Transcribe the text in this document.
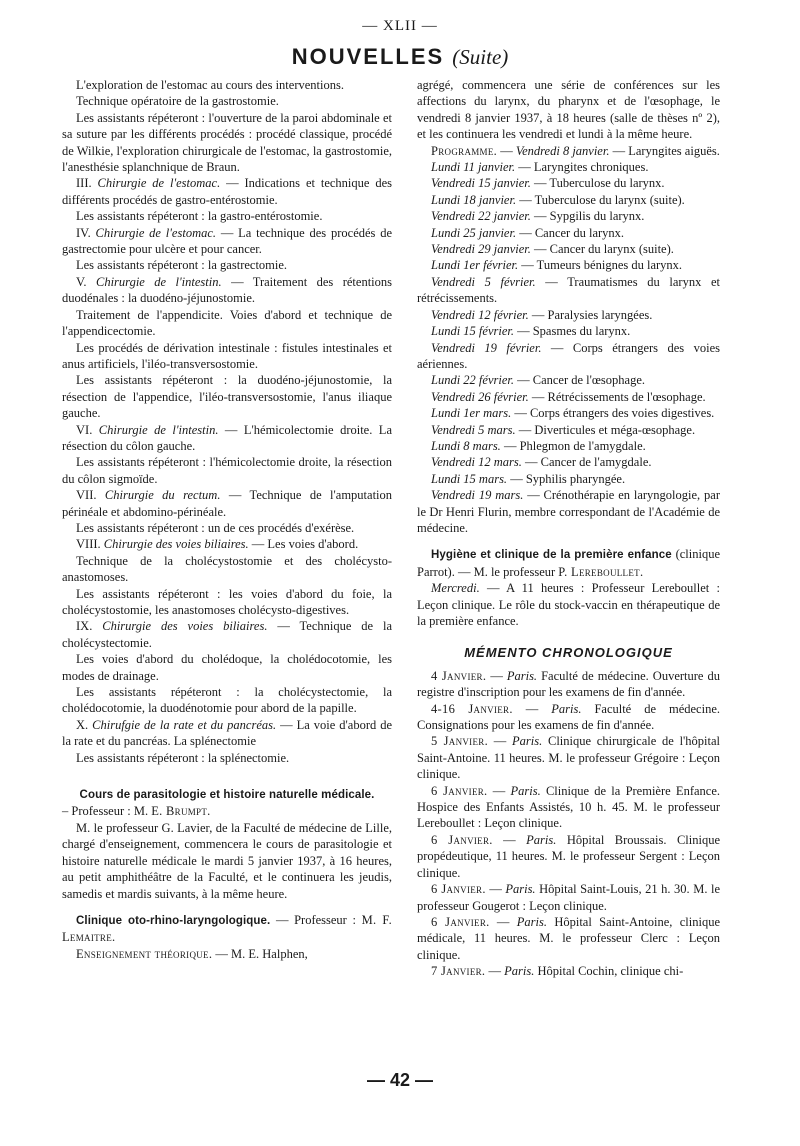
— XLII —
NOUVELLES (Suite)

L'exploration de l'estomac au cours des interventions.

Technique opératoire de la gastrostomie.

Les assistants répéteront : l'ouverture de la paroi abdominale et sa suture par les différents procédés : procédé classique, procédé de Wilkie, l'exploration chirurgicale de l'estomac, la gastrostomie, l'anesthésie splanchnique de Braun.

III. Chirurgie de l'estomac. — Indications et technique des différents procédés de gastro-entérostomie.

Les assistants répéteront : la gastro-entérostomie.

IV. Chirurgie de l'estomac. — La technique des procédés de gastrectomie pour ulcère et pour cancer.

Les assistants répéteront : la gastrectomie.

V. Chirurgie de l'intestin. — Traitement des rétentions duodénales : la duodéno-jéjunostomie.

Traitement de l'appendicite. Voies d'abord et technique de l'appendicectomie.

Les procédés de dérivation intestinale : fistules intestinales et anus artificiels, l'iléo-transversostomie.

Les assistants répéteront : la duodéno-jéjunostomie, la résection de l'appendice, l'iléo-transversostomie, l'anus iliaque gauche.

VI. Chirurgie de l'intestin. — L'hémicolectomie droite. La résection du côlon gauche.

Les assistants répéteront : l'hémicolectomie droite, la résection du côlon sigmoïde.

VII. Chirurgie du rectum. — Technique de l'amputation périnéale et abdomino-périnéale.

Les assistants répéteront : un de ces procédés d'exérèse.

VIII. Chirurgie des voies biliaires. — Les voies d'abord.

Technique de la cholécystostomie et des cholécysto-anastomoses.

Les assistants répéteront : les voies d'abord du foie, la cholécystostomie, les anastomoses cholécysto-digestives.

IX. Chirurgie des voies biliaires. — Technique de la cholécystectomie.

Les voies d'abord du cholédoque, la cholédocotomie, les modes de drainage.

Les assistants répéteront : la cholécystectomie, la cholédocotomie, la duodénotomie pour abord de la papille.

X. Chirufgie de la rate et du pancréas. — La voie d'abord de la rate et du pancréas. La splénectomie

Les assistants répéteront : la splénectomie.

Cours de parasitologie et histoire naturelle médicale.

– Professeur : M. E. Brumpt.

M. le professeur G. Lavier, de la Faculté de médecine de Lille, chargé d'enseignement, commencera le cours de parasitologie et histoire naturelle médicale le mardi 5 janvier 1937, à 16 heures, au petit amphithéâtre de la Faculté, et le continuera les jeudis, samedis et mardis suivants, à la même heure.

Clinique oto-rhino-laryngologique. — Professeur : M. F. Lemaitre.

Enseignement théorique. — M. E. Halphen,

agrégé, commencera une série de conférences sur les affections du larynx, du pharynx et de l'œsophage, le vendredi 8 janvier 1937, à 18 heures (salle de thèses nº 2), et les continuera les vendredi et lundi à la même heure.

Programme. — Vendredi 8 janvier. — Laryngites aiguës.

Lundi 11 janvier. — Laryngites chroniques.

Vendredi 15 janvier. — Tuberculose du larynx.

Lundi 18 janvier. — Tuberculose du larynx (suite).

Vendredi 22 janvier. — Sypgilis du larynx.

Lundi 25 janvier. — Cancer du larynx.

Vendredi 29 janvier. — Cancer du larynx (suite).

Lundi 1er février. — Tumeurs bénignes du larynx.

Vendredi 5 février. — Traumatismes du larynx et rétrécissements.

Vendredi 12 février. — Paralysies laryngées.

Lundi 15 février. — Spasmes du larynx.

Vendredi 19 février. — Corps étrangers des voies aériennes.

Lundi 22 février. — Cancer de l'œsophage.

Vendredi 26 février. — Rétrécissements de l'œsophage.

Lundi 1er mars. — Corps étrangers des voies digestives.

Vendredi 5 mars. — Diverticules et méga-œsophage.

Lundi 8 mars. — Phlegmon de l'amygdale.

Vendredi 12 mars. — Cancer de l'amygdale.

Lundi 15 mars. — Syphilis pharyngée.

Vendredi 19 mars. — Crénothérapie en laryngologie, par le Dr Henri Flurin, membre correspondant de l'Académie de médecine.

Hygiène et clinique de la première enfance (clinique Parrot). — M. le professeur P. Lereboullet.

Mercredi. — A 11 heures : Professeur Lereboullet : Leçon clinique. Le rôle du stock-vaccin en thérapeutique de la première enfance.

MÉMENTO CHRONOLOGIQUE

4 Janvier. — Paris. Faculté de médecine. Ouverture du registre d'inscription pour les examens de fin d'année.

4-16 Janvier. — Paris. Faculté de médecine. Consignations pour les examens de fin d'année.

5 Janvier. — Paris. Clinique chirurgicale de l'hôpital Saint-Antoine. 11 heures. M. le professeur Grégoire : Leçon clinique.

6 Janvier. — Paris. Clinique de la Première Enfance. Hospice des Enfants Assistés, 10 h. 45. M. le professeur Lereboullet : Leçon clinique.

6 Janvier. — Paris. Hôpital Broussais. Clinique propédeutique, 11 heures. M. le professeur Sergent : Leçon clinique.

6 Janvier. — Paris. Hôpital Saint-Louis, 21 h. 30. M. le professeur Gougerot : Leçon clinique.

6 Janvier. — Paris. Hôpital Saint-Antoine, clinique médicale, 11 heures. M. le professeur Clerc : Leçon clinique.

7 Janvier. — Paris. Hôpital Cochin, clinique chi-

— 42 —
